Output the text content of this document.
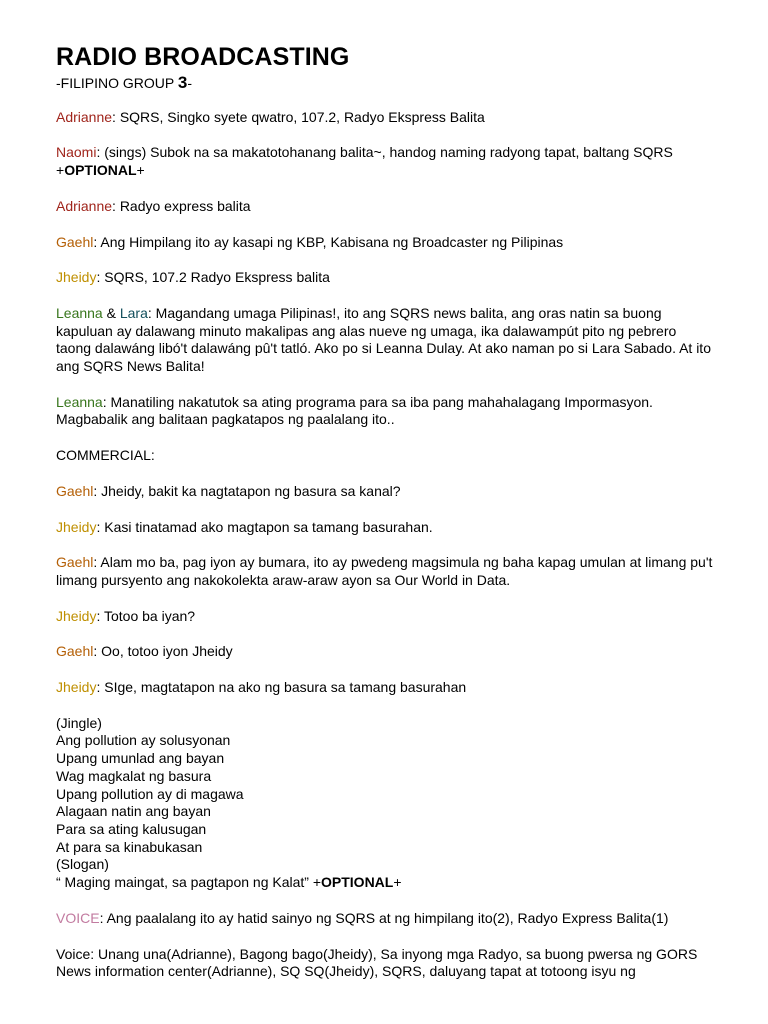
RADIO BROADCASTING
-FILIPINO GROUP 3-
Adrianne: SQRS, Singko syete qwatro, 107.2, Radyo Ekspress Balita
Naomi: (sings) Subok na sa makatotohanang balita~, handog naming radyong tapat, baltang SQRS
+OPTIONAL+
Adrianne: Radyo express balita
Gaehl: Ang Himpilang ito ay kasapi ng KBP, Kabisana ng Broadcaster ng Pilipinas
Jheidy: SQRS, 107.2 Radyo Ekspress balita
Leanna & Lara: Magandang umaga Pilipinas!, ito ang SQRS news balita, ang oras natin sa buong
kapuluan ay dalawang minuto makalipas ang alas nueve ng umaga, ika dalawampút pito ng pebrero
taong dalawáng libó't dalawáng pû't tatló. Ako po si Leanna Dulay. At ako naman po si Lara Sabado. At ito
ang SQRS News Balita!
Leanna: Manatiling nakatutok sa ating programa para sa iba pang mahahalagang Impormasyon.
Magbabalik ang balitaan pagkatapos ng paalalang ito..
COMMERCIAL:
Gaehl: Jheidy, bakit ka nagtatapon ng basura sa kanal?
Jheidy: Kasi tinatamad ako magtapon sa tamang basurahan.
Gaehl: Alam mo ba, pag iyon ay bumara, ito ay pwedeng magsimula ng baha kapag umulan at limang pu't
limang pursyento ang nakokolekta araw-araw ayon sa Our World in Data.
Jheidy: Totoo ba iyan?
Gaehl: Oo, totoo iyon Jheidy
Jheidy: SIge, magtatapon na ako ng basura sa tamang basurahan
(Jingle)
Ang pollution ay solusyonan
Upang umunlad ang bayan
Wag magkalat ng basura
Upang pollution ay di magawa
Alagaan natin ang bayan
Para sa ating kalusugan
At para sa kinabukasan
(Slogan)
“ Maging maingat, sa pagtapon ng Kalat” +OPTIONAL+
VOICE: Ang paalalang ito ay hatid sainyo ng SQRS at ng himpilang ito(2), Radyo Express Balita(1)
Voice: Unang una(Adrianne), Bagong bago(Jheidy), Sa inyong mga Radyo, sa buong pwersa ng GORS
News information center(Adrianne), SQ SQ(Jheidy), SQRS, daluyang tapat at totoong isyu ng
